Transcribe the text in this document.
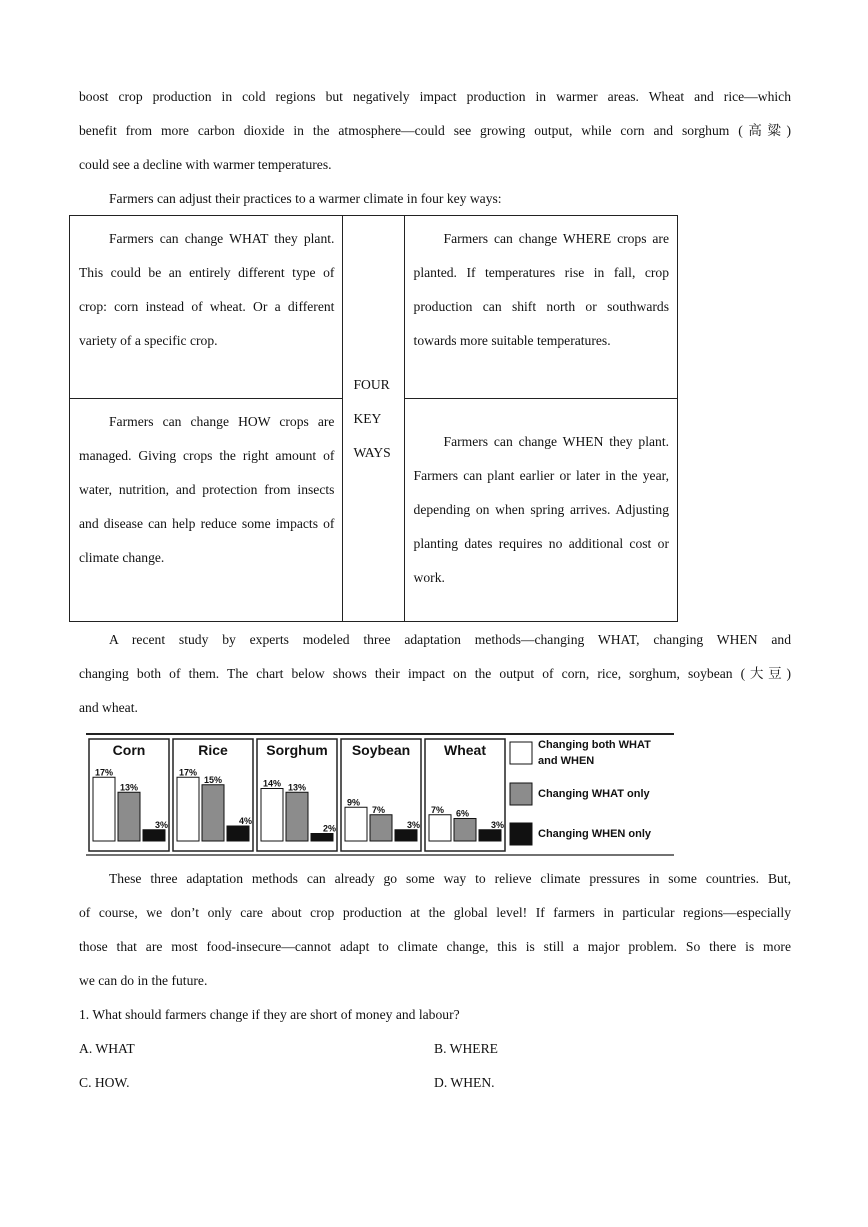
boost crop production in cold regions but negatively impact production in warmer areas. Wheat and rice—which

benefit from more carbon dioxide in the atmosphere—could see growing output, while corn and sorghum (高粱)

could see a decline with warmer temperatures.

Farmers can adjust their practices to a warmer climate in four key ways:

Farmers can change WHAT they plant. This could be an entirely different type of crop: corn instead of wheat. Or a different variety of a specific crop.	FOUR
KEY
WAYS	Farmers can change WHERE crops are planted. If temperatures rise in fall, crop production can shift north or southwards towards more suitable temperatures.

Farmers can change HOW crops are managed. Giving crops the right amount of water, nutrition, and protection from insects and disease can help reduce some impacts of climate change.		Farmers can change WHEN they plant. Farmers can plant earlier or later in the year, depending on when spring arrives. Adjusting planting dates requires no additional cost or work.

A recent study by experts modeled three adaptation methods—changing WHAT, changing WHEN and

changing both of them. The chart below shows their impact on the output of corn, rice, sorghum, soybean (大豆)

and wheat.

Corn
17%
13%
3%
Rice
17%
15%
4%
Sorghum
14% 13%
2%
Soybean
9%
7%
3%
Wheat
7% 6%
3%
Changing both WHAT
and WHEN
Changing WHAT only
Changing WHEN only

These three adaptation methods can already go some way to relieve climate pressures in some countries. But,

of course, we don’t only care about crop production at the global level! If farmers in particular regions—especially

those that are most food-insecure—cannot adapt to climate change, this is still a major problem. So there is more

we can do in the future.

1. What should farmers change if they are short of money and labour?
A. WHAT	B. WHERE
C. HOW.	D. WHEN.
